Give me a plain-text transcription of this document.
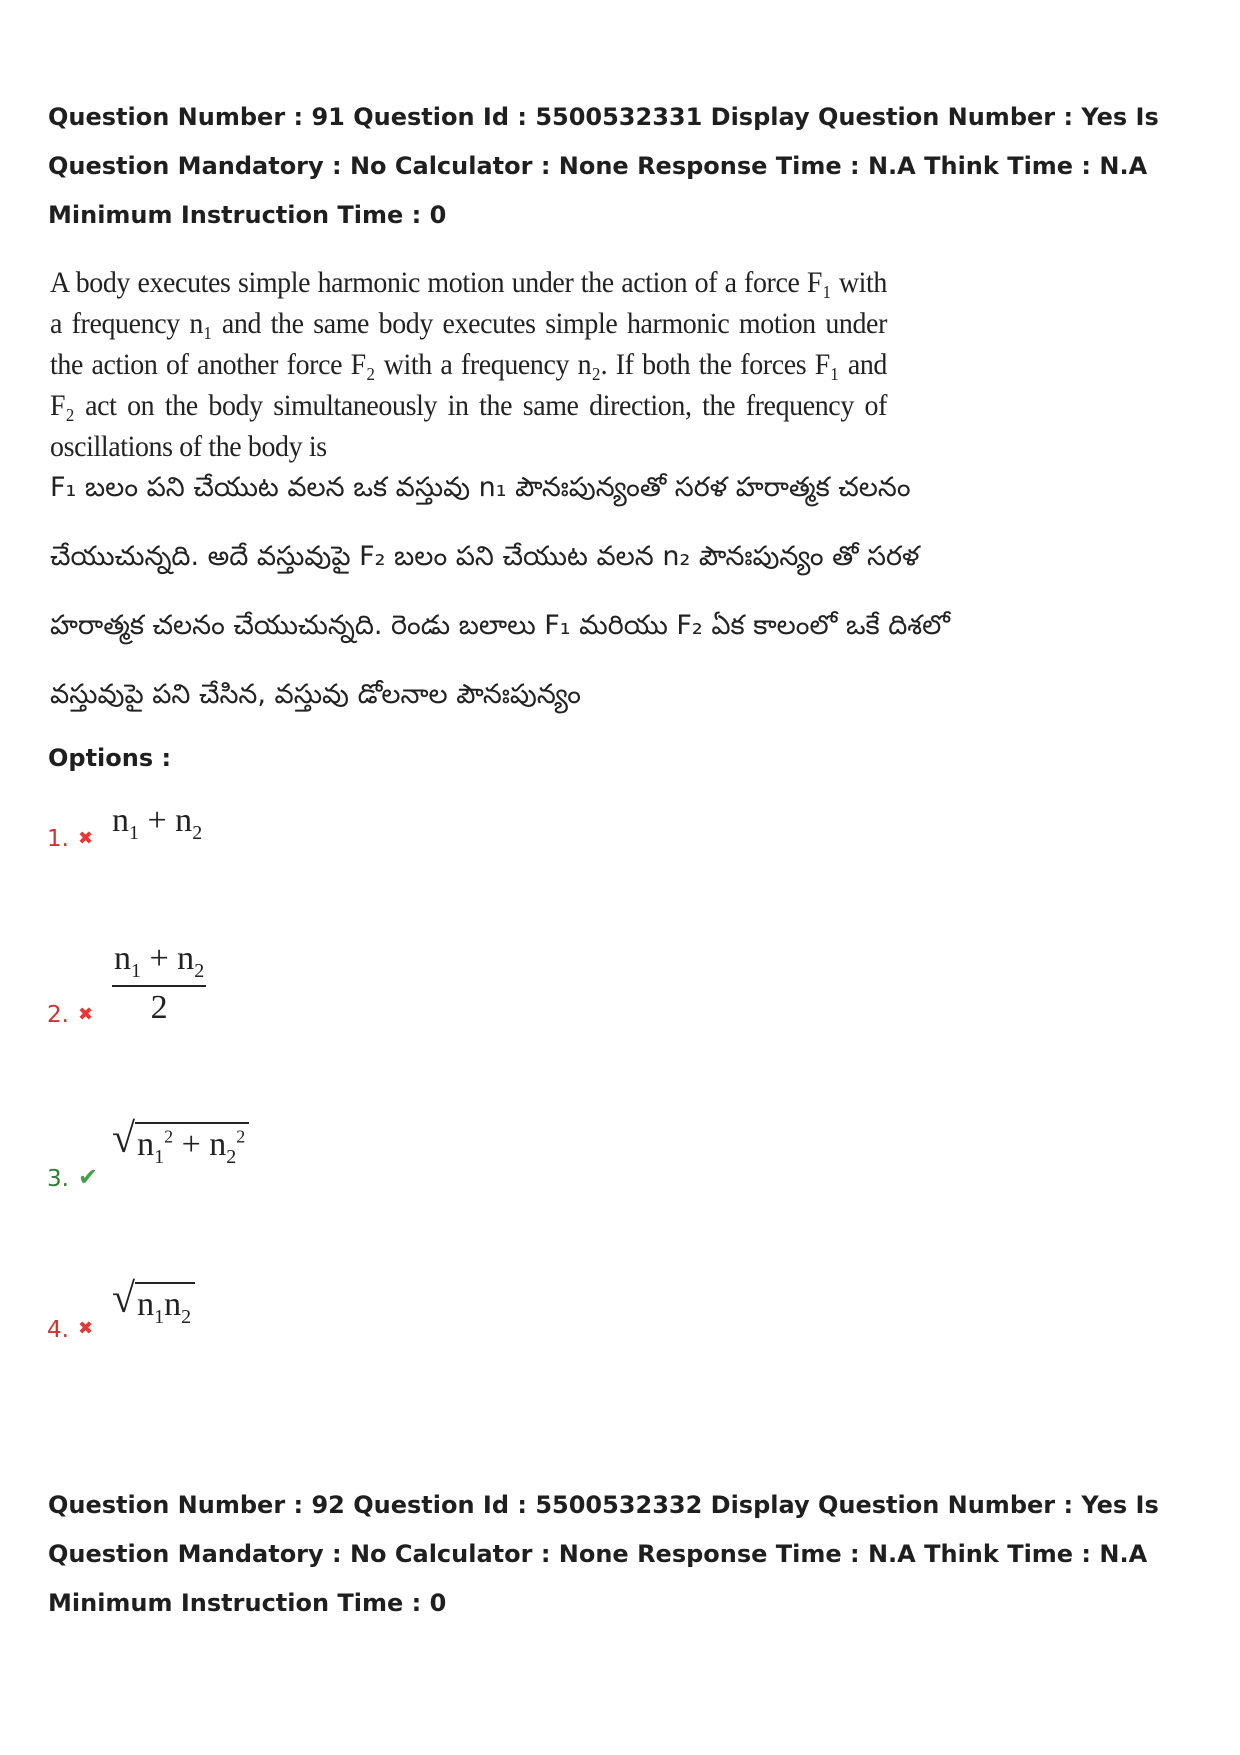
Question Number : 91 Question Id : 5500532331 Display Question Number : Yes Is Question Mandatory : No Calculator : None Response Time : N.A Think Time : N.A Minimum Instruction Time : 0
A body executes simple harmonic motion under the action of a force F₁ with a frequency n₁ and the same body executes simple harmonic motion under the action of another force F₂ with a frequency n₂. If both the forces F₁ and F₂ act on the body simultaneously in the same direction, the frequency of oscillations of the body is
F₁ బలం పని చేయుట వలన ఒక వస్తువు n₁ పౌనఃపున్యంతో సరళ హరాత్మక చలనం
చేయుచున్నది. అదే వస్తువుపై F₂ బలం పని చేయుట వలన n₂ పౌనఃపున్యం తో సరళ
హరాత్మక చలనం చేయుచున్నది. రెండు బలాలు F₁ మరియు F₂ ఏక కాలంలో ఒకే దిశలో
వస్తువుపై పని చేసిన, వస్తువు డోలనాల పౌనఃపున్యం
Options :
1. ✖ $n_1 + n_2$
2. ✖ $\frac{n_1 + n_2}{2}$
3. ✔
√ $n_1^2 + n_2^2$
4. ✖
√ $n_1n_2$
Question Number : 92 Question Id : 5500532332 Display Question Number : Yes Is Question Mandatory : No Calculator : None Response Time : N.A Think Time : N.A Minimum Instruction Time : 0
